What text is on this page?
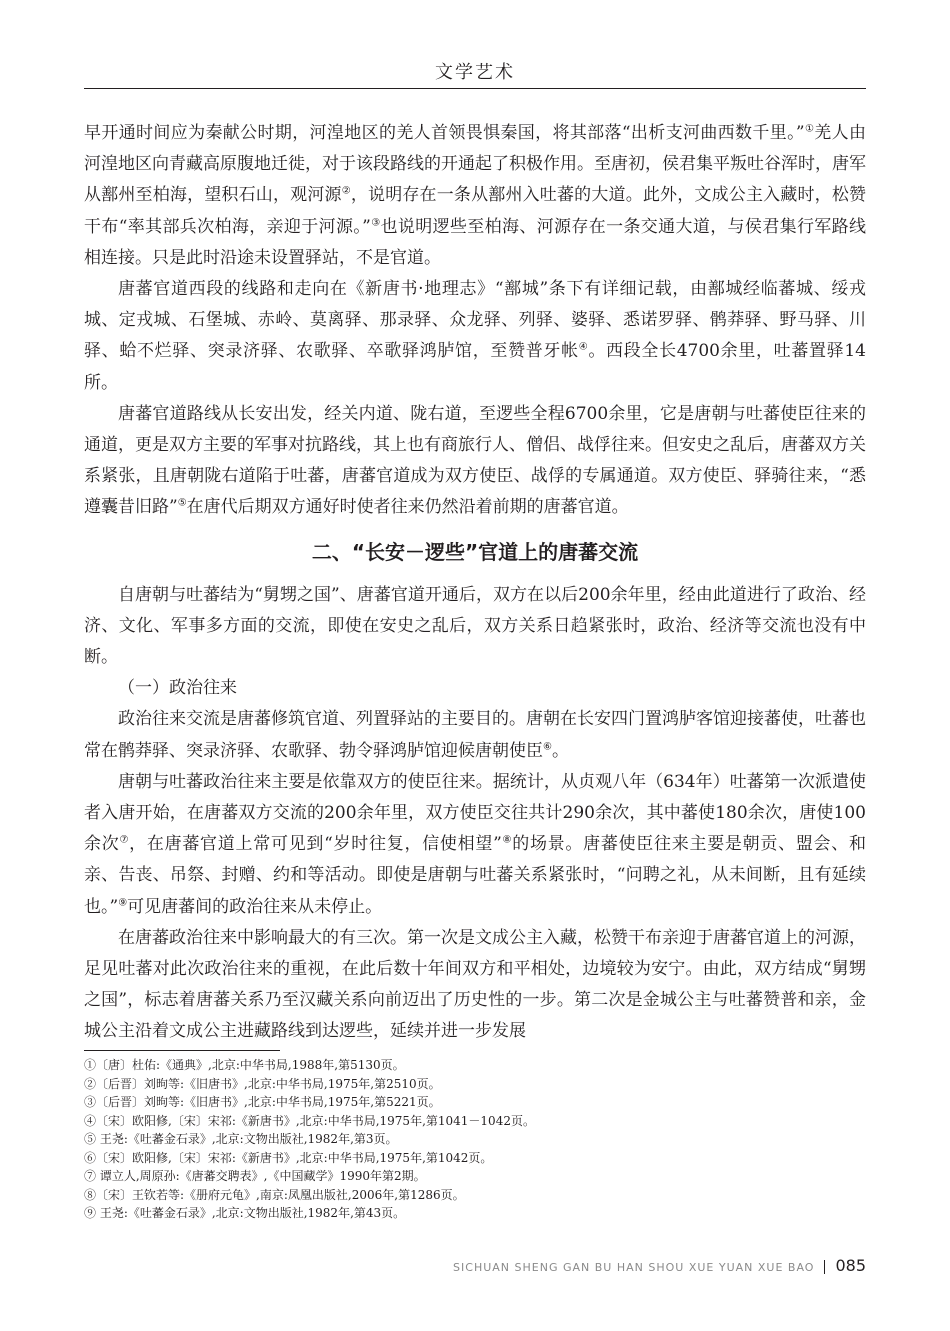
文学艺术

早开通时间应为秦献公时期，河湟地区的羌人首领畏惧秦国，将其部落“出析支河曲西数千里。”①羌人由河湟地区向青藏高原腹地迁徙，对于该段路线的开通起了积极作用。至唐初，侯君集平叛吐谷浑时，唐军从鄯州至柏海，望积石山，观河源②，说明存在一条从鄯州入吐蕃的大道。此外，文成公主入藏时，松赞干布“率其部兵次柏海，亲迎于河源。”③也说明逻些至柏海、河源存在一条交通大道，与侯君集行军路线相连接。只是此时沿途未设置驿站，不是官道。

唐蕃官道西段的线路和走向在《新唐书·地理志》“鄯城”条下有详细记载，由鄯城经临蕃城、绥戎城、定戎城、石堡城、赤岭、莫离驿、那录驿、众龙驿、列驿、婆驿、悉诺罗驿、鹘莽驿、野马驿、川驿、蛤不烂驿、突录济驿、农歌驿、卒歌驿鸿胪馆，至赞普牙帐④。西段全长4700余里，吐蕃置驿14所。

唐蕃官道路线从长安出发，经关内道、陇右道，至逻些全程6700余里，它是唐朝与吐蕃使臣往来的通道，更是双方主要的军事对抗路线，其上也有商旅行人、僧侣、战俘往来。但安史之乱后，唐蕃双方关系紧张，且唐朝陇右道陷于吐蕃，唐蕃官道成为双方使臣、战俘的专属通道。双方使臣、驿骑往来，“悉遵囊昔旧路”⑤在唐代后期双方通好时使者往来仍然沿着前期的唐蕃官道。

二、“长安－逻些”官道上的唐蕃交流

自唐朝与吐蕃结为“舅甥之国”、唐蕃官道开通后，双方在以后200余年里，经由此道进行了政治、经济、文化、军事多方面的交流，即使在安史之乱后，双方关系日趋紧张时，政治、经济等交流也没有中断。

（一）政治往来

政治往来交流是唐蕃修筑官道、列置驿站的主要目的。唐朝在长安四门置鸿胪客馆迎接蕃使，吐蕃也常在鹘莽驿、突录济驿、农歌驿、勃令驿鸿胪馆迎候唐朝使臣⑥。

唐朝与吐蕃政治往来主要是依靠双方的使臣往来。据统计，从贞观八年（634年）吐蕃第一次派遣使者入唐开始，在唐蕃双方交流的200余年里，双方使臣交往共计290余次，其中蕃使180余次，唐使100余次⑦，在唐蕃官道上常可见到“岁时往复，信使相望”⑧的场景。唐蕃使臣往来主要是朝贡、盟会、和亲、告丧、吊祭、封赠、约和等活动。即使是唐朝与吐蕃关系紧张时，“问聘之礼，从未间断，且有延续也。”⑨可见唐蕃间的政治往来从未停止。

在唐蕃政治往来中影响最大的有三次。第一次是文成公主入藏，松赞干布亲迎于唐蕃官道上的河源，足见吐蕃对此次政治往来的重视，在此后数十年间双方和平相处，边境较为安宁。由此，双方结成“舅甥之国”，标志着唐蕃关系乃至汉藏关系向前迈出了历史性的一步。第二次是金城公主与吐蕃赞普和亲，金城公主沿着文成公主进藏路线到达逻些，延续并进一步发展

①〔唐〕杜佑:《通典》,北京:中华书局,1988年,第5130页。
②〔后晋〕刘昫等:《旧唐书》,北京:中华书局,1975年,第2510页。
③〔后晋〕刘昫等:《旧唐书》,北京:中华书局,1975年,第5221页。
④〔宋〕欧阳修,〔宋〕宋祁:《新唐书》,北京:中华书局,1975年,第1041－1042页。
⑤ 王尧:《吐蕃金石录》,北京:文物出版社,1982年,第3页。
⑥〔宋〕欧阳修,〔宋〕宋祁:《新唐书》,北京:中华书局,1975年,第1042页。
⑦ 谭立人,周原孙:《唐蕃交聘表》,《中国藏学》1990年第2期。
⑧〔宋〕王钦若等:《册府元龟》,南京:凤凰出版社,2006年,第1286页。
⑨ 王尧:《吐蕃金石录》,北京:文物出版社,1982年,第43页。
SICHUAN SHENG GAN BU HAN SHOU XUE YUAN XUE BAO 085
